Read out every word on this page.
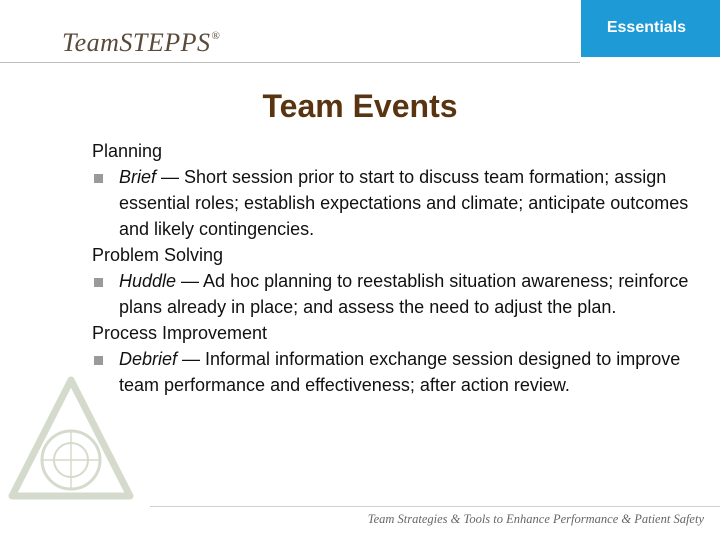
TeamSTEPPS®	Essentials
Team Events

Planning

Brief — Short session prior to start to discuss team formation; assign essential roles; establish expectations and climate; anticipate outcomes and likely contingencies.

Problem Solving

Huddle — Ad hoc planning to reestablish situation awareness; reinforce plans already in place; and assess the need to adjust the plan.

Process Improvement

Debrief — Informal information exchange session designed to improve team performance and effectiveness; after action review.

Team Strategies & Tools to Enhance Performance & Patient Safety
